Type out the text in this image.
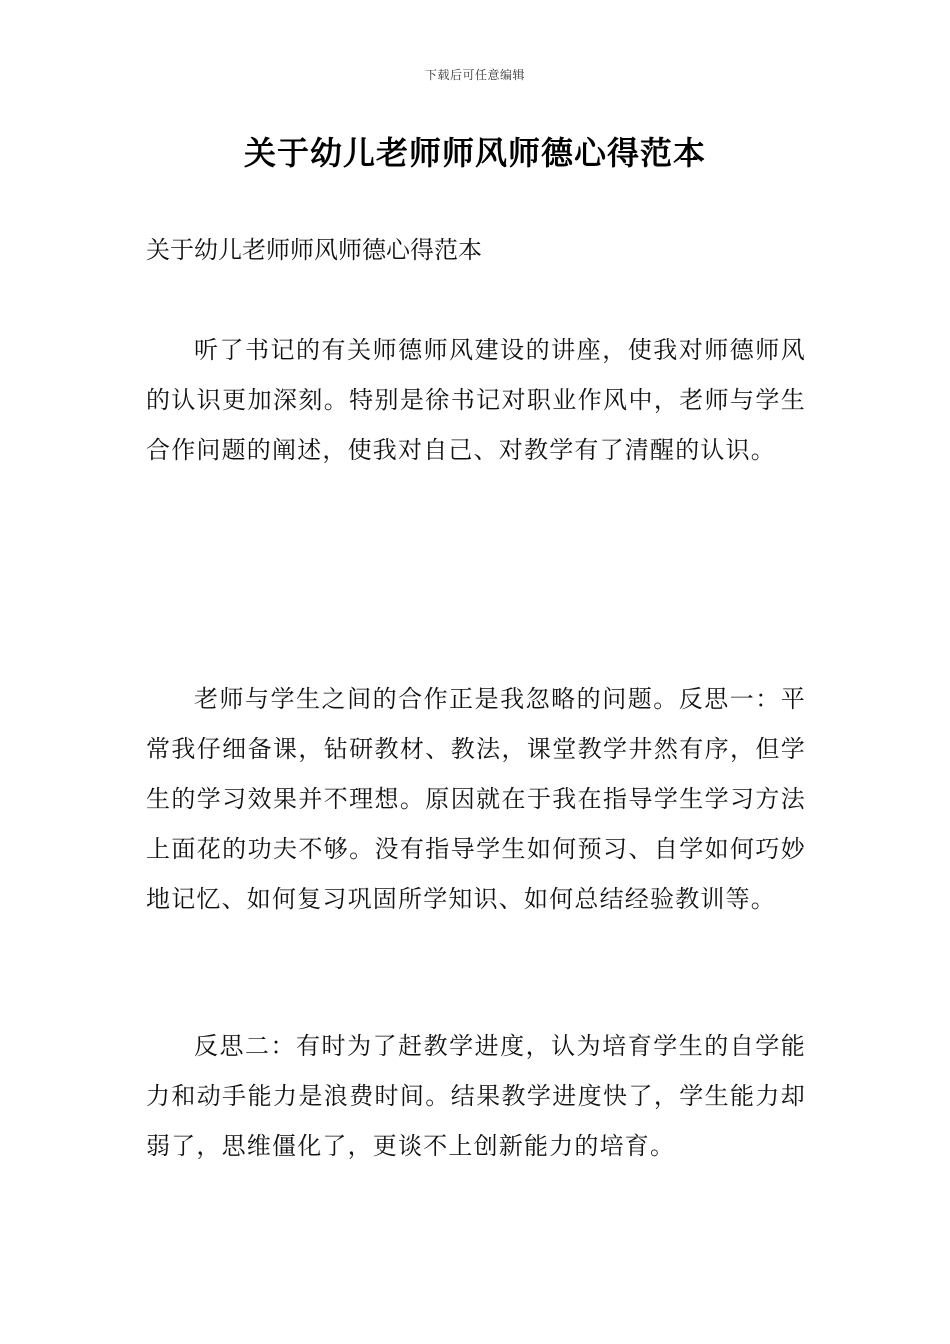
下载后可任意编辑
关于幼儿老师师风师德心得范本

关于幼儿老师师风师德心得范本

听了书记的有关师德师风建设的讲座，使我对师德师风的认识更加深刻。特别是徐书记对职业作风中，老师与学生合作问题的阐述，使我对自己、对教学有了清醒的认识。

老师与学生之间的合作正是我忽略的问题。反思一：平常我仔细备课，钻研教材、教法，课堂教学井然有序，但学生的学习效果并不理想。原因就在于我在指导学生学习方法上面花的功夫不够。没有指导学生如何预习、自学如何巧妙地记忆、如何复习巩固所学知识、如何总结经验教训等。

反思二：有时为了赶教学进度，认为培育学生的自学能力和动手能力是浪费时间。结果教学进度快了，学生能力却弱了，思维僵化了，更谈不上创新能力的培育。
